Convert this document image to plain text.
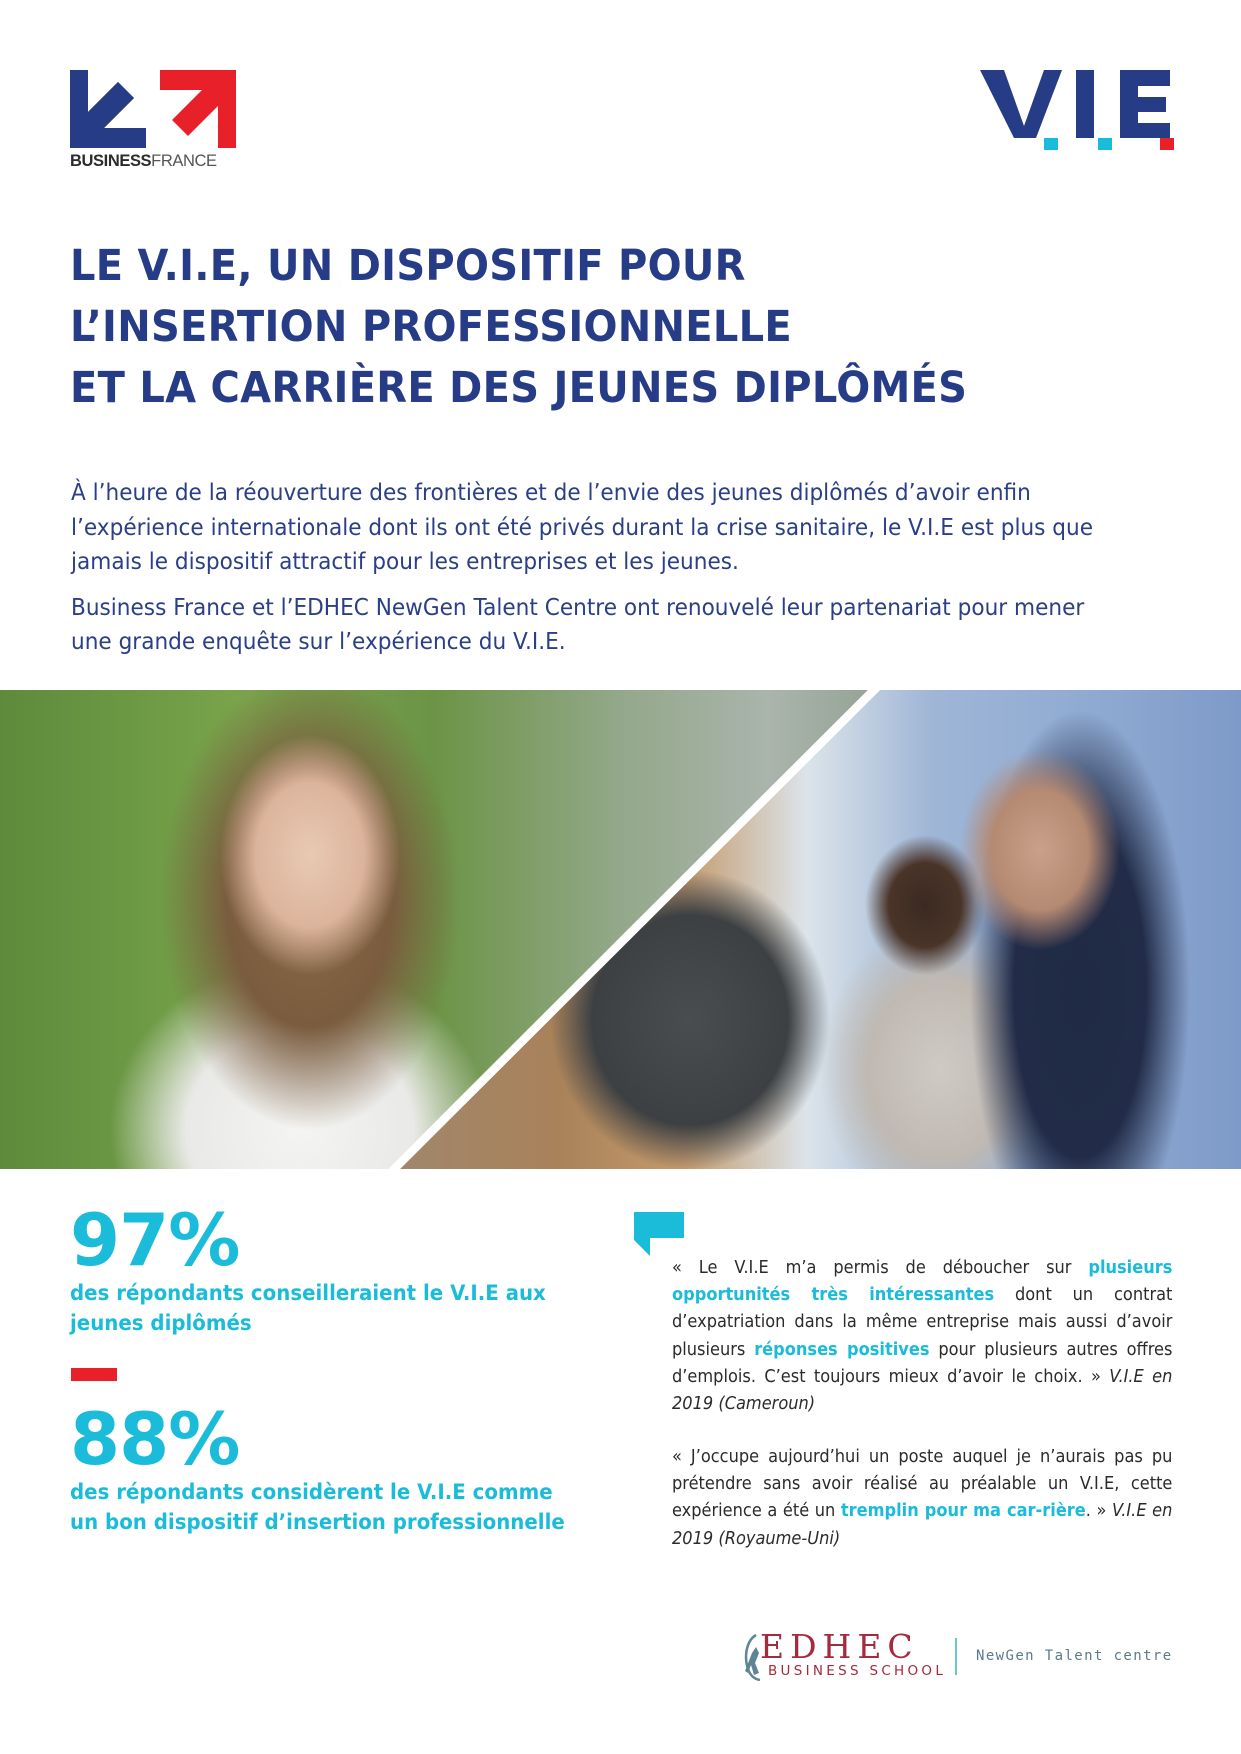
BUSINESSFRANCE
LE V.I.E, UN DISPOSITIF POUR
L’INSERTION PROFESSIONNELLE
ET LA CARRIÈRE DES JEUNES DIPLÔMÉS

À l’heure de la réouverture des frontières et de l’envie des jeunes diplômés d’avoir enfin l’expérience internationale dont ils ont été privés durant la crise sanitaire, le V.I.E est plus que jamais le dispositif attractif pour les entreprises et les jeunes.

Business France et l’EDHEC NewGen Talent Centre ont renouvelé leur partenariat pour mener une grande enquête sur l’expérience du V.I.E.

97%
des répondants conseilleraient le V.I.E aux jeunes diplômés
88%
des répondants considèrent le V.I.E comme un bon dispositif d’insertion professionnelle
« Le V.I.E m’a permis de déboucher sur plusieurs opportunités très intéressantes dont un contrat d’expatriation dans la même entreprise mais aussi d’avoir plusieurs réponses positives pour plusieurs autres offres d’emplois. C’est toujours mieux d’avoir le choix. » V.I.E en 2019 (Cameroun)
« J’occupe aujourd’hui un poste auquel je n’aurais pas pu prétendre sans avoir réalisé au préalable un V.I.E, cette expérience a été un tremplin pour ma car-rière. » V.I.E en 2019 (Royaume-Uni)
EDHEC
BUSINESS SCHOOL
NewGen Talent centre
